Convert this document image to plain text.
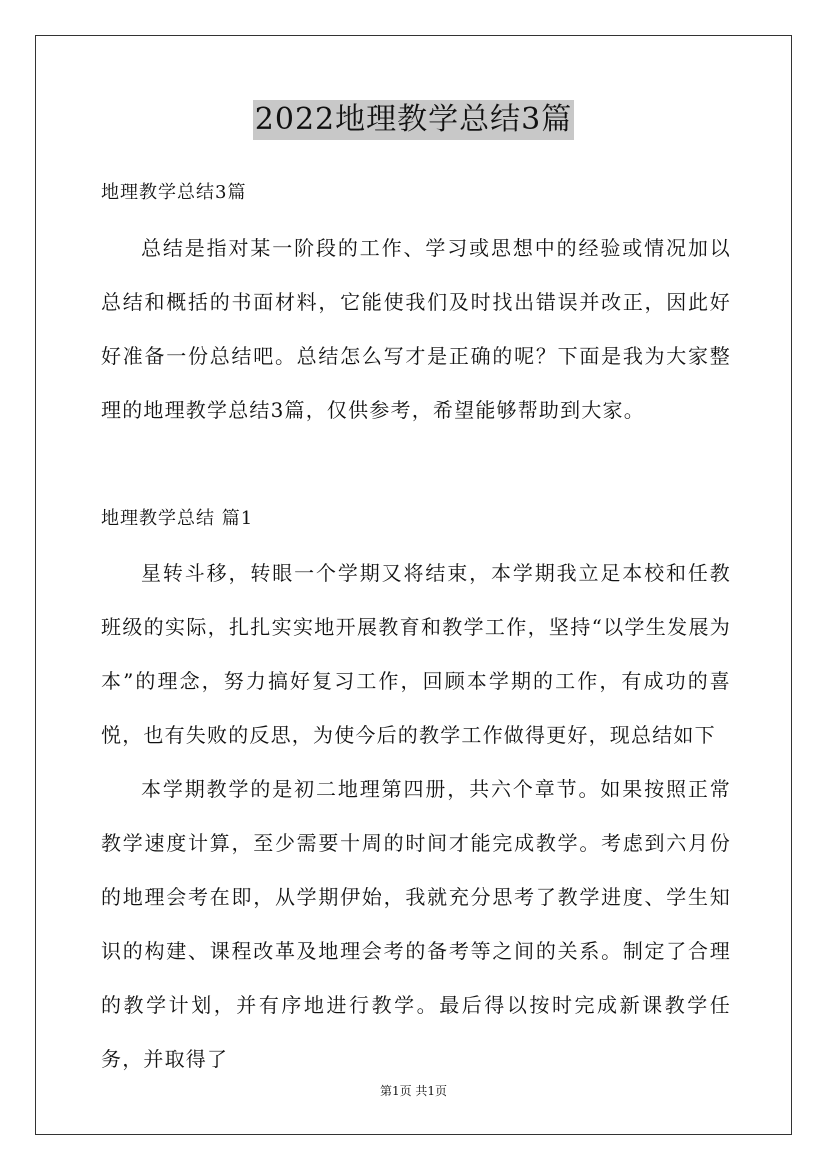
2022地理教学总结3篇
地理教学总结3篇

总结是指对某一阶段的工作、学习或思想中的经验或情况加以总结和概括的书面材料，它能使我们及时找出错误并改正，因此好好准备一份总结吧。总结怎么写才是正确的呢？下面是我为大家整理的地理教学总结3篇，仅供参考，希望能够帮助到大家。

地理教学总结 篇1

星转斗移，转眼一个学期又将结束，本学期我立足本校和任教班级的实际，扎扎实实地开展教育和教学工作，坚持“以学生发展为本”的理念，努力搞好复习工作，回顾本学期的工作，有成功的喜悦，也有失败的反思，为使今后的教学工作做得更好，现总结如下

本学期教学的是初二地理第四册，共六个章节。如果按照正常教学速度计算，至少需要十周的时间才能完成教学。考虑到六月份的地理会考在即，从学期伊始，我就充分思考了教学进度、学生知识的构建、课程改革及地理会考的备考等之间的关系。制定了合理的教学计划，并有序地进行教学。最后得以按时完成新课教学任务，并取得了

第1页 共1页
